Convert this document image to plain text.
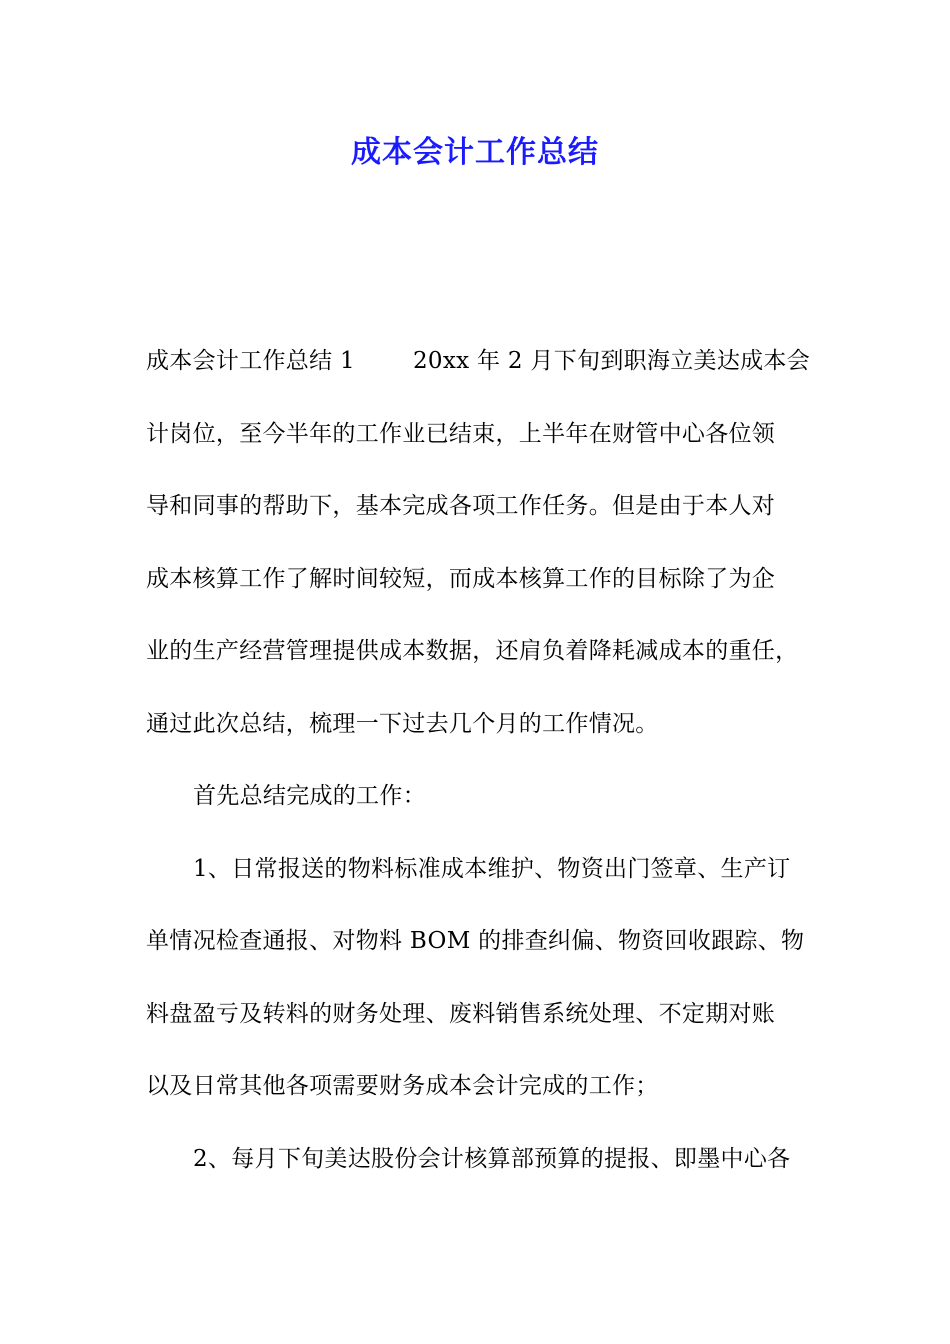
成本会计工作总结
成本会计工作总结 1	20xx 年 2 月下旬到职海立美达成本会
计岗位，至今半年的工作业已结束，上半年在财管中心各位领
导和同事的帮助下，基本完成各项工作任务。但是由于本人对
成本核算工作了解时间较短，而成本核算工作的目标除了为企
业的生产经营管理提供成本数据，还肩负着降耗减成本的重任，
通过此次总结，梳理一下过去几个月的工作情况。
首先总结完成的工作：
1、日常报送的物料标准成本维护、物资出门签章、生产订
单情况检查通报、对物料 BOM 的排查纠偏、物资回收跟踪、物
料盘盈亏及转料的财务处理、废料销售系统处理、不定期对账
以及日常其他各项需要财务成本会计完成的工作；
2、每月下旬美达股份会计核算部预算的提报、即墨中心各
